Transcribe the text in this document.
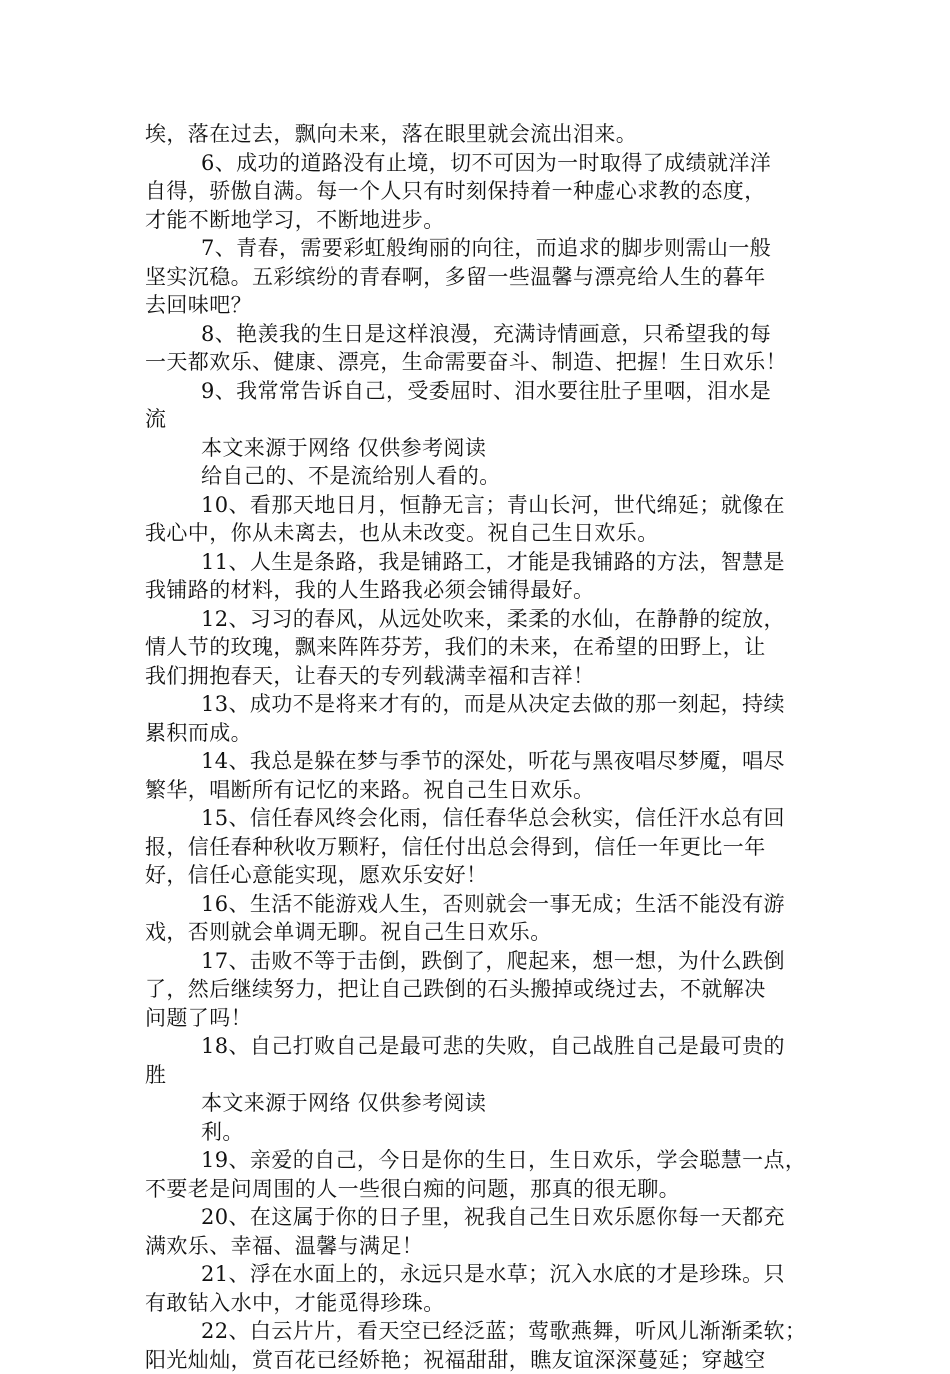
埃，落在过去，飘向未来，落在眼里就会流出泪来。
6、成功的道路没有止境，切不可因为一时取得了成绩就洋洋
自得，骄傲自满。每一个人只有时刻保持着一种虚心求教的态度，
才能不断地学习，不断地进步。
7、青春，需要彩虹般绚丽的向往，而追求的脚步则需山一般
坚实沉稳。五彩缤纷的青春啊，多留一些温馨与漂亮给人生的暮年
去回味吧？
8、艳羡我的生日是这样浪漫，充满诗情画意，只希望我的每
一天都欢乐、健康、漂亮，生命需要奋斗、制造、把握！生日欢乐！
9、我常常告诉自己，受委屈时、泪水要往肚子里咽，泪水是
流
本文来源于网络 仅供参考阅读
给自己的、不是流给别人看的。
10、看那天地日月，恒静无言；青山长河，世代绵延；就像在
我心中，你从未离去，也从未改变。祝自己生日欢乐。
11、人生是条路，我是铺路工，才能是我铺路的方法，智慧是
我铺路的材料，我的人生路我必须会铺得最好。
12、习习的春风，从远处吹来，柔柔的水仙，在静静的绽放，
情人节的玫瑰，飘来阵阵芬芳，我们的未来，在希望的田野上，让
我们拥抱春天，让春天的专列载满幸福和吉祥！
13、成功不是将来才有的，而是从决定去做的那一刻起，持续
累积而成。
14、我总是躲在梦与季节的深处，听花与黑夜唱尽梦魇，唱尽
繁华，唱断所有记忆的来路。祝自己生日欢乐。
15、信任春风终会化雨，信任春华总会秋实，信任汗水总有回
报，信任春种秋收万颗籽，信任付出总会得到，信任一年更比一年
好，信任心意能实现，愿欢乐安好！
16、生活不能游戏人生，否则就会一事无成；生活不能没有游
戏，否则就会单调无聊。祝自己生日欢乐。
17、击败不等于击倒，跌倒了，爬起来，想一想，为什么跌倒
了，然后继续努力，把让自己跌倒的石头搬掉或绕过去，不就解决
问题了吗！
18、自己打败自己是最可悲的失败，自己战胜自己是最可贵的
胜
本文来源于网络 仅供参考阅读
利。
19、亲爱的自己，今日是你的生日，生日欢乐，学会聪慧一点，
不要老是问周围的人一些很白痴的问题，那真的很无聊。
20、在这属于你的日子里，祝我自己生日欢乐愿你每一天都充
满欢乐、幸福、温馨与满足！
21、浮在水面上的，永远只是水草；沉入水底的才是珍珠。只
有敢钻入水中，才能觅得珍珠。
22、白云片片，看天空已经泛蓝；莺歌燕舞，听风儿渐渐柔软；
阳光灿灿，赏百花已经娇艳；祝福甜甜，瞧友谊深深蔓延；穿越空
